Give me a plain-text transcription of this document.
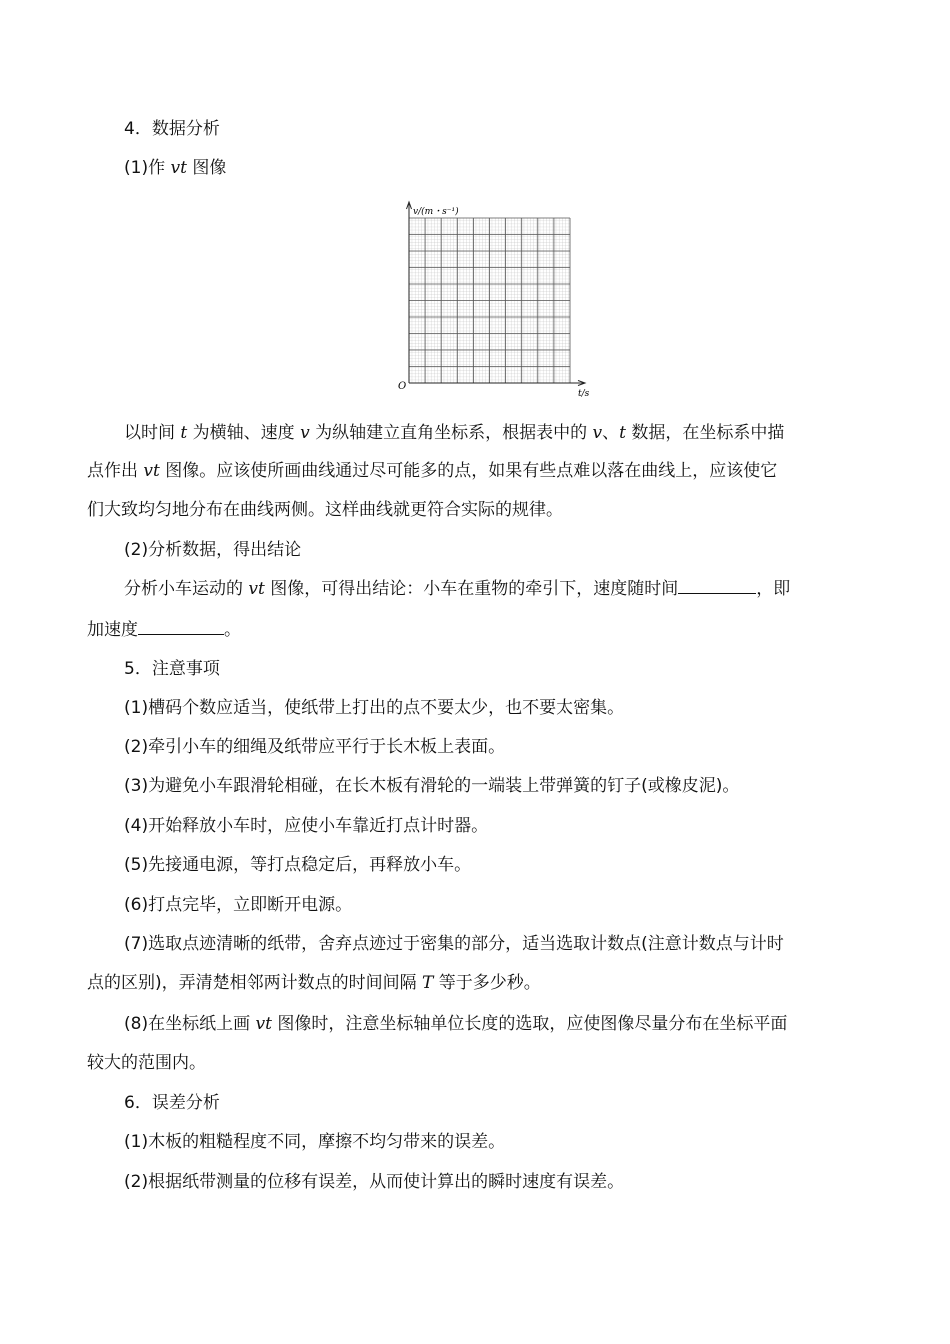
4．数据分析
(1)作 vt 图像
v/(m・s⁻¹)
t/s
O
以时间 t 为横轴、速度 v 为纵轴建立直角坐标系，根据表中的 v、t 数据，在坐标系中描
点作出 vt 图像。应该使所画曲线通过尽可能多的点，如果有些点难以落在曲线上，应该使它
们大致均匀地分布在曲线两侧。这样曲线就更符合实际的规律。
(2)分析数据，得出结论
分析小车运动的 vt 图像，可得出结论：小车在重物的牵引下，速度随时间	，即
加速度	。
5．注意事项
(1)槽码个数应适当，使纸带上打出的点不要太少，也不要太密集。
(2)牵引小车的细绳及纸带应平行于长木板上表面。
(3)为避免小车跟滑轮相碰，在长木板有滑轮的一端装上带弹簧的钉子(或橡皮泥)。
(4)开始释放小车时，应使小车靠近打点计时器。
(5)先接通电源，等打点稳定后，再释放小车。
(6)打点完毕，立即断开电源。
(7)选取点迹清晰的纸带，舍弃点迹过于密集的部分，适当选取计数点(注意计数点与计时
点的区别)，弄清楚相邻两计数点的时间间隔 T 等于多少秒。
(8)在坐标纸上画 vt 图像时，注意坐标轴单位长度的选取，应使图像尽量分布在坐标平面
较大的范围内。
6．误差分析
(1)木板的粗糙程度不同，摩擦不均匀带来的误差。
(2)根据纸带测量的位移有误差，从而使计算出的瞬时速度有误差。
